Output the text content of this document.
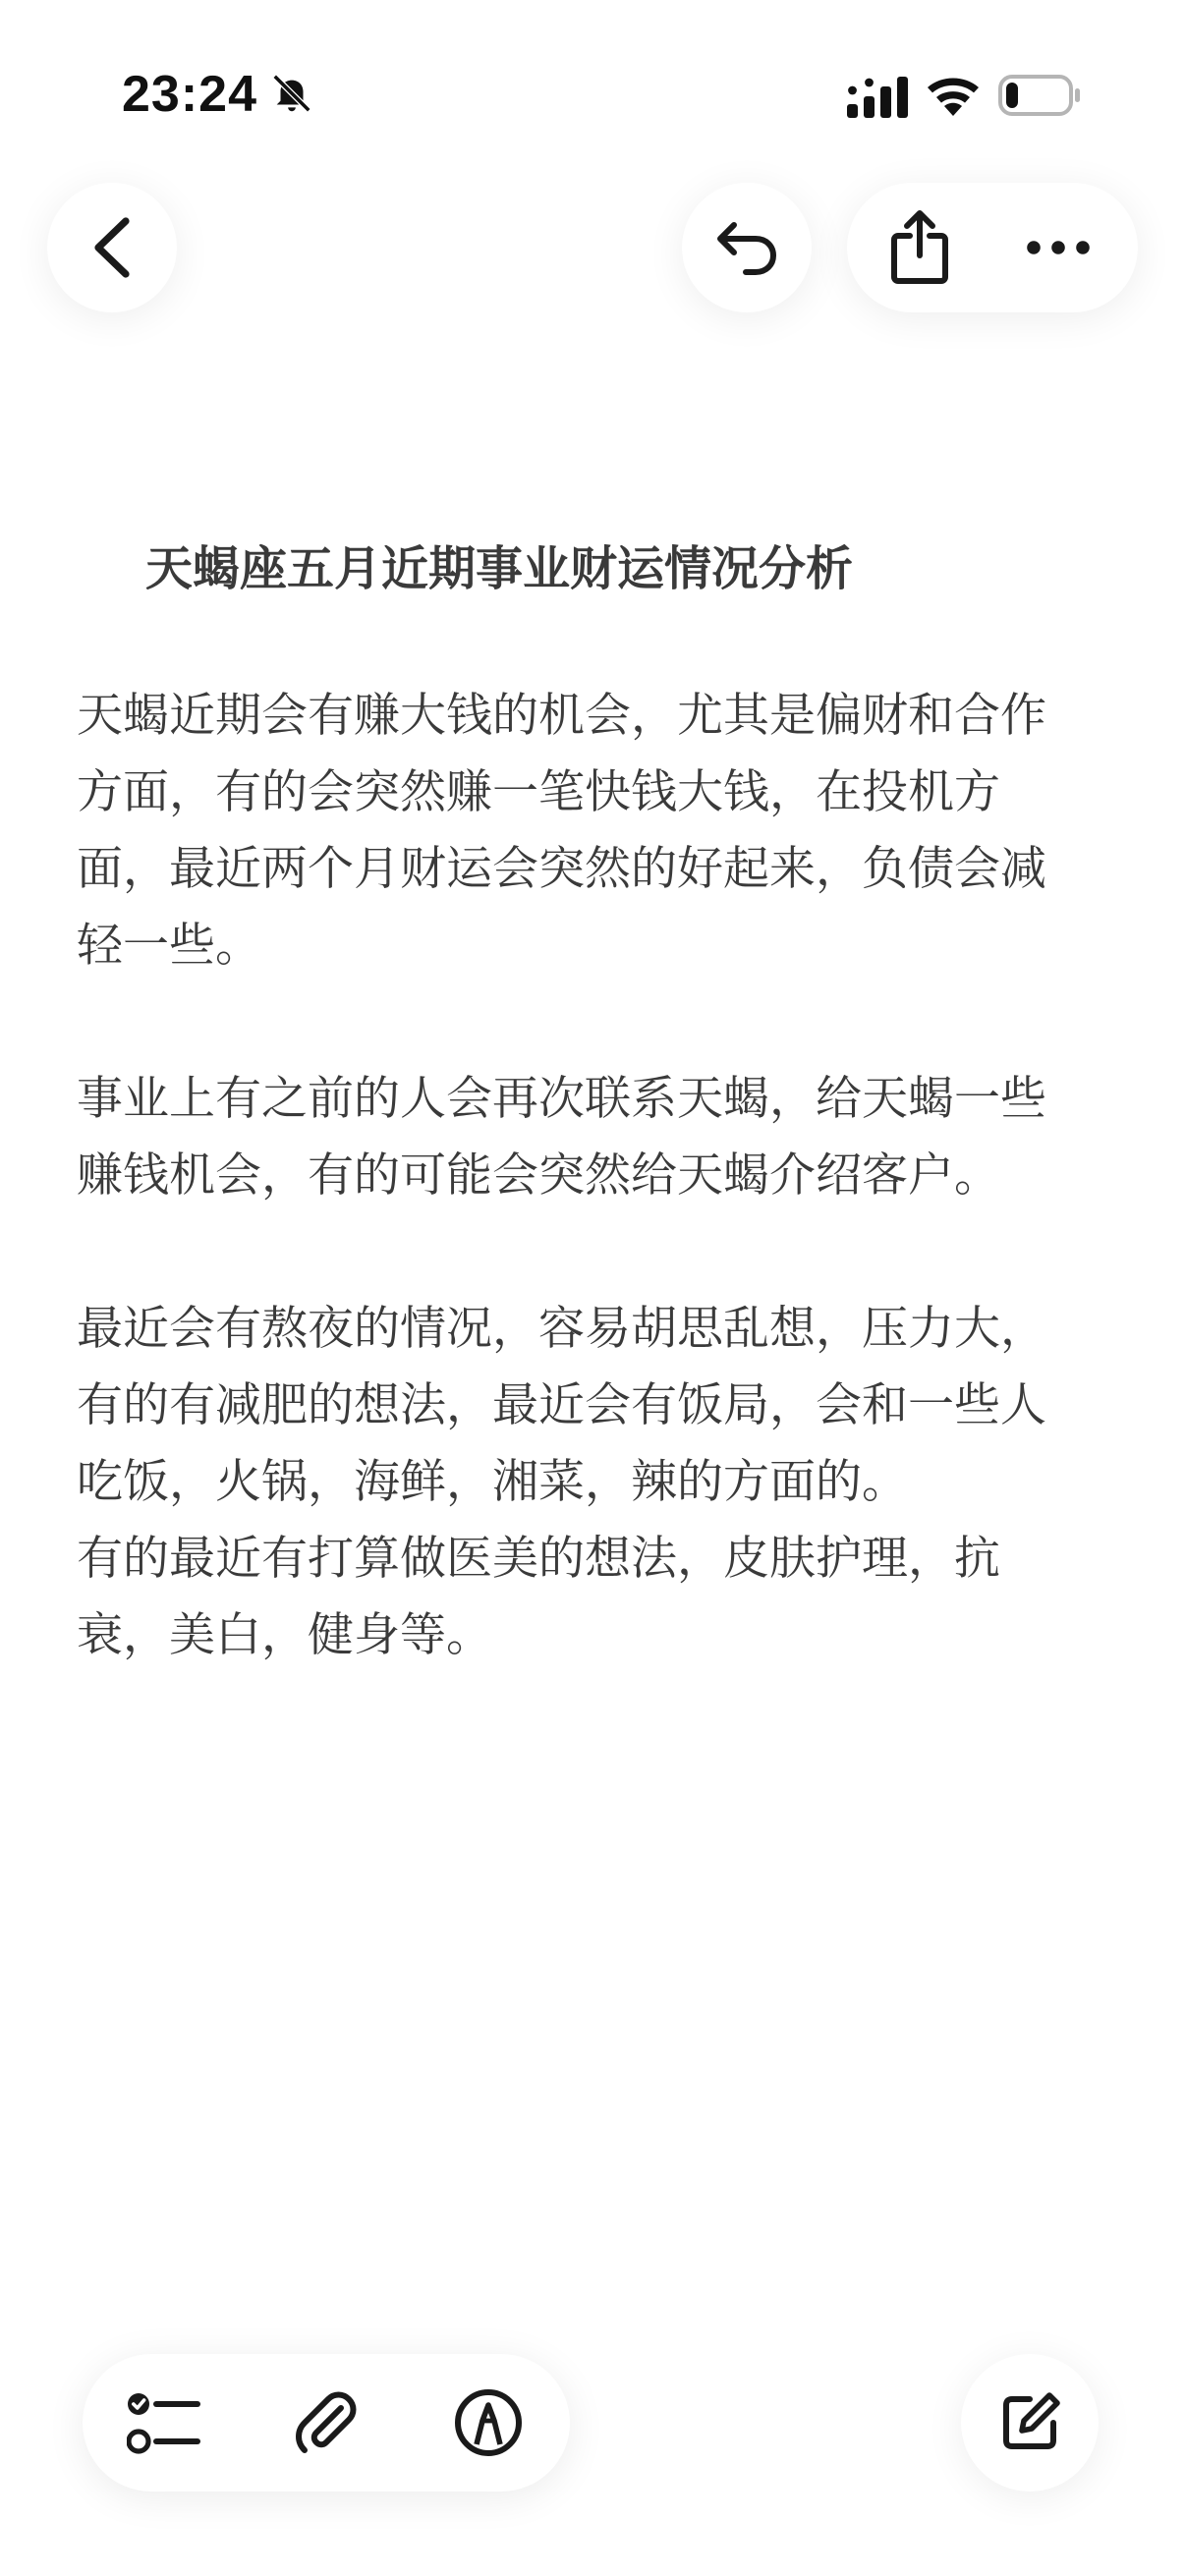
23:24
天蝎座五月近期事业财运情况分析

天蝎近期会有赚大钱的机会，尤其是偏财和合作方面，有的会突然赚一笔快钱大钱，在投机方面，最近两个月财运会突然的好起来，负债会减轻一些。

事业上有之前的人会再次联系天蝎，给天蝎一些赚钱机会，有的可能会突然给天蝎介绍客户。

最近会有熬夜的情况，容易胡思乱想，压力大，有的有减肥的想法，最近会有饭局，会和一些人吃饭，火锅，海鲜，湘菜，辣的方面的。

有的最近有打算做医美的想法，皮肤护理，抗衰，美白，健身等。
